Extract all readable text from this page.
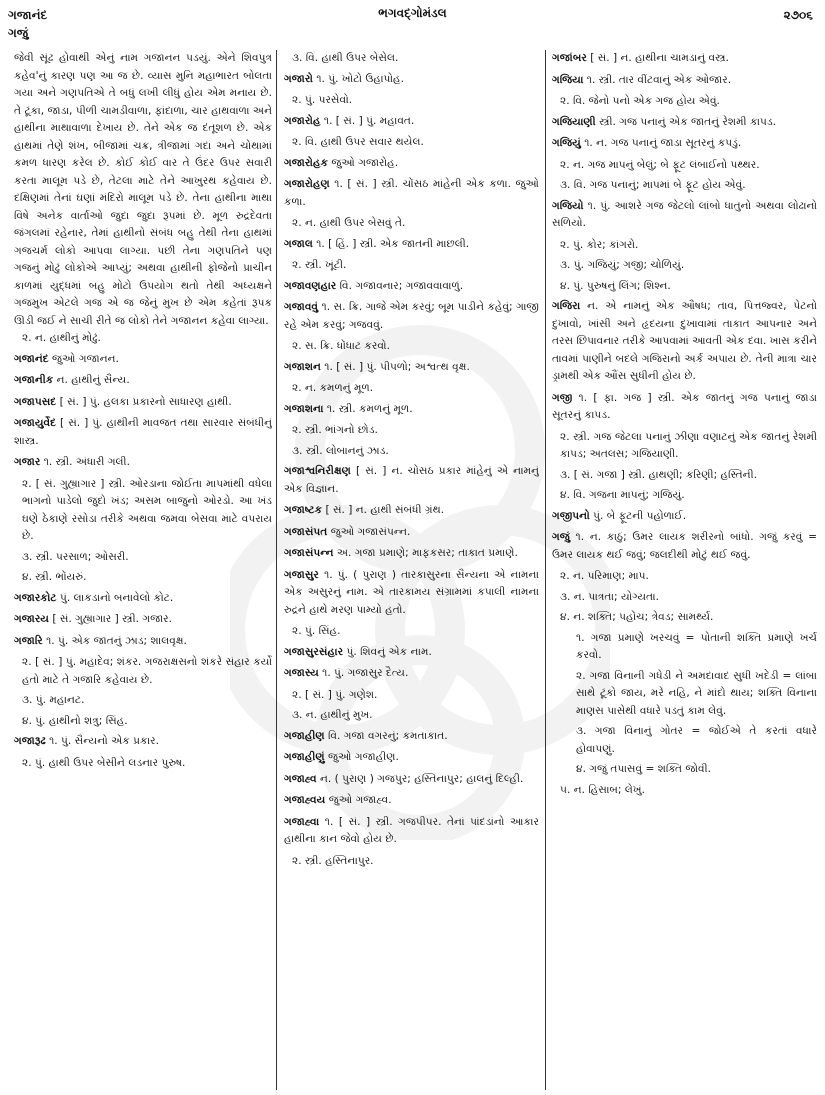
ગજાનંદ
ગજું
ભગવદ્ગોમંડલ	૨૭૦૬
જેવી સૂંઢ હોવાથી એનું નામ ગજાનન પડયું. એને શિવપુત્ર કહેવ'નું કારણ પણ આ જ છે. વ્યાસ મુનિ મહાભારત બોલતા ગયા અને ગણપતિએ તે બધું લખી લીધું હોય એમ મનાય છે. તે ટૂંકા, જાડા, પીળી ચામડીવાળા, ફાંદાળા, ચાર હાથવાળા અને હાથીના માથાવાળા દેખાય છે. તેને એક જ દંતૂશળ છે. એક હાથમાં તેણે શંખ, બીજામાં ચક્ર, ત્રીજામાં ગદા અને ચોથામાં કમળ ધારણ કરેલ છે. કોઈ કોઈ વાર તે ઉંદર ઉપર સવારી કરતા માલૂમ પડે છે, તેટલા માટે તેને આખુરથ કહેવાય છે. દક્ષિણમાં તેનાં ઘણાં મંદિરો માલૂમ પડે છે. તેના હાથીના માથા વિષે અનેક વાર્તાઓ જુદા જુદા રૂપમાં છે. મૂળ રુદ્રદેવતા જંગલમાં રહેનાર, તેમાં હાથીનો સંબંધ બહુ તેથી તેના હાથમાં ગજચર્મ લોકો આપવા લાગ્યા. પછી તેના ગણપતિને પણ ગજનું મોઢું લોકોએ આપ્યું; અથવા હાથીની ફોજેનો પ્રાચીન કાળમાં યુદ્ધમાં બહુ મોટો ઉપયોગ થતો તેથી અધ્યક્ષને ગજમુખ એટલે ગજ એ જ જેનું મુખ છે એમ કહેતાં રૂપક ઊડી જઈ ને સાચી રીતે જ લોકો તેને ગજાનન કહેવા લાગ્યા.
૨. ન. હાથીનું મોઢું.
ગજાનંદ જુઓ ગજાનન.
ગજાનીક ન. હાથીનું સૈન્ય.
ગજાપસદ [ સં. ] પું. હલકા પ્રકારનો સાધારણ હાથી.
ગજાયુર્વેદ [ સં. ] પું. હાથીની માવજત તથા સારવાર સંબંધીનું શાસ્ત્ર.
ગજાર ૧. સ્ત્રી. અંધારી ગલી.
૨. [ સં. ગુહ્યાગાર ] સ્ત્રી. ઓરડાના જોઈતા માપમાંથી વધેલા ભાગનો પાડેલો જુદો ખંડ; અસમ બાજુનો ઓરડો. આ ખંડ ઘણે ઠેકાણે રસોડા તરીકે અથવા જમવા બેસવા માટે વપરાય છે.
૩. સ્ત્રી. પરસાળ; ઓસરી.
૪. સ્ત્રી. ભોંયરું.
ગજારકોટ પું. લાકડાનો બનાવેલો કોટ.
ગજારય [ સં. ગુહ્યાગાર ] સ્ત્રી. ગજાર.
ગજારિ ૧. પું. એક જાતનું ઝાડ; શાલવૃક્ષ.
૨. [ સં. ] પું. મહાદેવ; શંકર. ગજરાક્ષસનો શંકરે સંહાર કર્યો હતો માટે તે ગજારિ કહેવાય છે.
૩. પું. મહાનટ.
૪. પું. હાથીનો શત્રુ; સિંહ.
ગજારૂઢ ૧. પું. સૈન્યનો એક પ્રકાર.
૨. પું. હાથી ઉપર બેસીને લડનાર પુરુષ.
૩. વિ. હાથી ઉપર બેસેલ.
ગજારો ૧. પું. ખોટો ઉહાપોહ.
૨. પું. પરસેવો.
ગજારોહ ૧. [ સં. ] પું. મહાવત.
૨. વિ. હાથી ઉપર સવાર થયેલ.
ગજારોહક જુઓ ગજારોહ.
ગજારોહણ ૧. [ સં. ] સ્ત્રી. ચોંસઠ માંહેની એક કળા. જુઓ કળા.
૨. ન. હાથી ઉપર બેસવું તે.
ગજાલ ૧. [ હિં. ] સ્ત્રી. એક જાતની માછલી.
૨. સ્ત્રી. ખૂંટી.
ગજાવણહાર વિ. ગજાવનાર; ગજાવવાવાળું.
ગજાવવું ૧. સ. ક્રિ. ગાજે એમ કરવું; બૂમ પાડીને કહેવું; ગાજી રહે એમ કરવું; ગજવવું.
૨. સ. ક્રિ. ધોંધાટ કરવો.
ગજાશન ૧. [ સં. ] પું. પીપળો; અશ્વત્થ વૃક્ષ.
૨. ન. કમળનું મૂળ.
ગજાશના ૧. સ્ત્રી. કમળનું મૂળ.
૨. સ્ત્રી. ભાંગનો છોડ.
૩. સ્ત્રી. લોબાનનું ઝાડ.
ગજાશ્વનિરીક્ષણ [ સં. ] ન. ચોસઠ પ્રકાર માંહેનું એ નામનું એક વિજ્ઞાન.
ગજાષ્ટક [ સં. ] ન. હાથી સંબંધી ગ્રંથ.
ગજાસંપત જુઓ ગજાસંપન્ન.
ગજાસંપન્ન અ. ગજા પ્રમાણે; માફકસર; તાકાત પ્રમાણે.
ગજાસુર ૧. પું. ( પુરાણ ) તારકાસુરના સૈન્યના એ નામના એક અસુરનું નામ. એ તારકામય સંગ્રામમાં કપાલી નામના રુદ્રને હાથે મરણ પામ્યો હતો.
૨. પું. સિંહ.
ગજાસુરસંહાર પું. શિવનું એક નામ.
ગજાસ્ય ૧. પું. ગજાસુર દૈત્ય.
૨. [ સં. ] પું. ગણેશ.
૩. ન. હાથીનું મુખ.
ગજાહીણ વિ. ગજા વગરનું; કમતાકાત.
ગજાહીણું જુઓ ગજાહીણ.
ગજાહ્વ ન. ( પુરાણ ) ગજપુર; હસ્તિનાપુર; હાલનું દિલ્હી.
ગજાહ્વય જુઓ ગજાહ્વ.
ગજાહ્વા ૧. [ સં. ] સ્ત્રી. ગજપીપર. તેનાં પાંદડાંનો આકાર હાથીના કાન જેવો હોય છે.
૨. સ્ત્રી. હસ્તિનાપુર.
ગજાંબર [ સં. ] ન. હાથીના ચામડાનું વસ્ત્ર.
ગજિયા ૧. સ્ત્રી. તાર વીંટવાનું એક ઓજાર.
૨. વિ. જેનો પનો એક ગજ હોય એવું.
ગજિયાણી સ્ત્રી. ગજ પનાનું એક જાતનું રેશમી કાપડ.
ગજિયું ૧. ન. ગજ પનાનું જાડા સૂતરનું કપડું.
૨. ન. ગજ માપનું બેલું; બે ફૂટ લંબાઈનો પથ્થર.
૩. વિ. ગજ પનાનું; માપમાં બે ફૂટ હોય એવું.
ગજિયો ૧. પું. આશરે ગજ જેટલો લાંબો ધાતુનો અથવા લોઢાનો સળિયો.
૨. પું. કોર; કાંગરો.
૩. પું. ગજિયું; ગજી; ચોળિયું.
૪. પું. પુરુષનું લિંગ; શિશ્ન.
ગજિરા ન. એ નામનું એક ઔષધ; તાવ, પિત્તજ્વર, પેટનો દુખાવો, ખાંસી અને હૃદયના દુખાવામાં તાકાત આપનાર અને તરસ છિપાવનાર તરીકે આપવામાં આવતી એક દવા. ખાસ કરીને તાવમાં પાણીને બદલે ગજિરાનો અર્ક અપાય છે. તેની માત્રા ચાર ડ્રામથી એક ઔંસ સુધીની હોય છે.
ગજી ૧. [ ફા. ગજ ] સ્ત્રી. એક જાતનું ગજ પનાનું જાડા સૂતરનું કાપડ.
૨. સ્ત્રી. ગજ જેટલા પનાનું ઝીણા વણાટનું એક જાતનું રેશમી કાપડ; અતલસ; ગજિયાણી.
૩. [ સં. ગજા ] સ્ત્રી. હાથણી; કરિણી; હસ્તિની.
૪. વિ. ગજના માપનું; ગજિયું.
ગજીપનો પું. બે ફૂટની પહોળાઈ.
ગજું ૧. ન. કાઠું; ઉમર લાયક શરીરનો બાંધો. ગજું કરવું = ઉમર લાયક થઈ જવું; જલદીથી મોટું થઈ જવું.
૨. ન. પરિમાણ; માપ.
૩. ન. પાત્રતા; યોગ્યતા.
૪. ન. શક્તિ; પહોંચ; ત્રેવડ; સામર્થ્ય.
૧. ગજા પ્રમાણે ખરચવું = પોતાની શક્તિ પ્રમાણે ખર્ચ કરવો.
૨. ગજા વિનાની ગધેડી ને અમદાવાદ સુધી ખદેડી = લાંબા સાથે ટૂંકો જાય, મરે નહિ, ને માંદો થાય; શક્તિ વિનાના માણસ પાસેથી વધારે પડતું કામ લેવું.
૩. ગજા વિનાનું ગોતર = જોઈએ તે કરતાં વધારે હોવાપણું.
૪. ગજું તપાસવું = શક્તિ જોવી.
૫. ન. હિસાબ; લેખું.
